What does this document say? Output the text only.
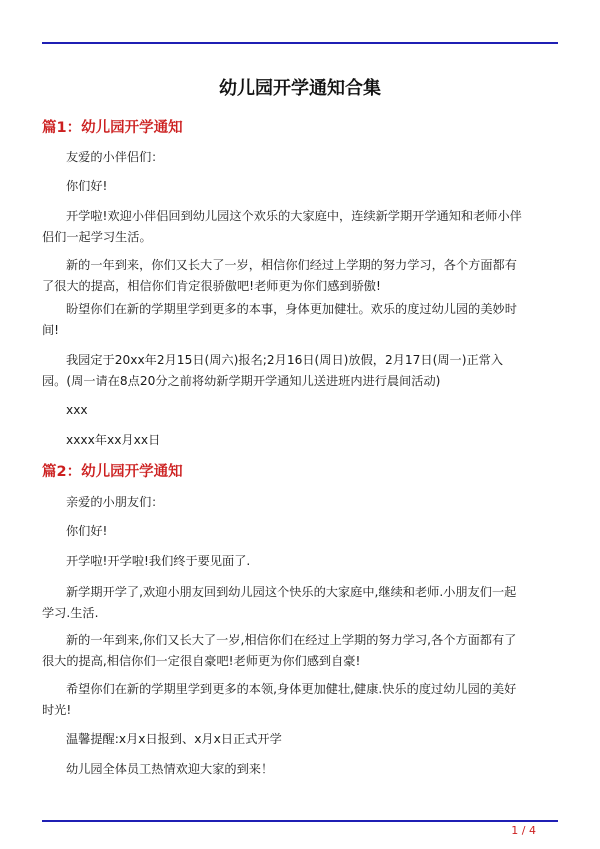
幼儿园开学通知合集
篇1：幼儿园开学通知
友爱的小伴侣们：
你们好!
开学啦!欢迎小伴侣回到幼儿园这个欢乐的大家庭中，连续新学期开学通知和老师小伴侣们一起学习生活。
新的一年到来，你们又长大了一岁，相信你们经过上学期的努力学习，各个方面都有了很大的提高，相信你们肯定很骄傲吧!老师更为你们感到骄傲!
盼望你们在新的学期里学到更多的本事，身体更加健壮。欢乐的度过幼儿园的美妙时间!
我园定于20xx年2月15日(周六)报名;2月16日(周日)放假，2月17日(周一)正常入园。(周一请在8点20分之前将幼新学期开学通知儿送进班内进行晨间活动)
xxx
xxxx年xx月xx日
篇2：幼儿园开学通知
亲爱的小朋友们：
你们好!
开学啦!开学啦!我们终于要见面了.
新学期开学了,欢迎小朋友回到幼儿园这个快乐的大家庭中,继续和老师.小朋友们一起学习.生活.
新的一年到来,你们又长大了一岁,相信你们在经过上学期的努力学习,各个方面都有了很大的提高,相信你们一定很自豪吧!老师更为你们感到自豪!
希望你们在新的学期里学到更多的本领,身体更加健壮,健康.快乐的度过幼儿园的美好时光!
温馨提醒:x月x日报到、x月x日正式开学
幼儿园全体员工热情欢迎大家的到来！
1 / 4
